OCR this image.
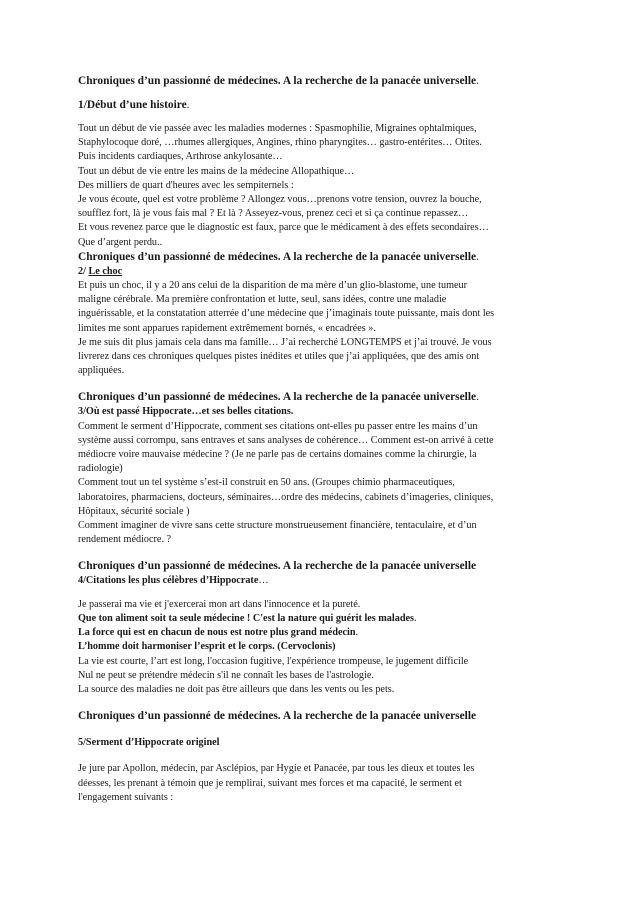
Chroniques d’un passionné de médecines. A la recherche de la panacée universelle.

1/Début d’une histoire.

Tout un début de vie passée avec les maladies modernes : Spasmophilie, Migraines ophtalmiques,

Staphylocoque doré, …rhumes allergiques, Angines, rhino pharyngites… gastro-entérites… Otites.

Puis incidents cardiaques, Arthrose ankylosante…

Tout un début de vie entre les mains de la médecine Allopathique…

Des milliers de quart d'heures avec les sempiternels :

Je vous écoute, quel est votre problème ? Allongez vous…prenons votre tension, ouvrez la bouche,

soufflez fort, là je vous fais mal ? Et là ? Asseyez-vous, prenez ceci et si ça continue repassez…

Et vous revenez parce que le diagnostic est faux, parce que le médicament à des effets secondaires…

Que d’argent perdu..

Chroniques d’un passionné de médecines. A la recherche de la panacée universelle.

2/ Le choc

Et puis un choc, il y a 20 ans celui de la disparition de ma mère d’un glio-blastome, une tumeur

maligne cérébrale. Ma première confrontation et lutte, seul, sans idées, contre une maladie

inguérissable, et la constatation atterrée d’une médecine que j’imaginais toute puissante, mais dont les

limites me sont apparues rapidement extrêmement bornés, « encadrées ».

Je me suis dit plus jamais cela dans ma famille… J’ai recherché LONGTEMPS et j’ai trouvé. Je vous

livrerez dans ces chroniques quelques pistes inédites et utiles que j’ai appliquées, que des amis ont

appliquées.

Chroniques d’un passionné de médecines. A la recherche de la panacée universelle.

3/Où est passé Hippocrate…et ses belles citations.

Comment le serment d’Hippocrate, comment ses citations ont-elles pu passer entre les mains d’un

système aussi corrompu, sans entraves et sans analyses de cohérence… Comment est-on arrivé à cette

médiocre voire mauvaise médecine ? (Je ne parle pas de certains domaines comme la chirurgie, la

radiologie)

Comment tout un tel système s’est-il construit en 50 ans. (Groupes chimio pharmaceutiques,

laboratoires, pharmaciens, docteurs, séminaires…ordre des médecins, cabinets d’imageries, cliniques,

Hôpitaux, sécurité sociale )

Comment imaginer de vivre sans cette structure monstrueusement financière, tentaculaire, et d’un

rendement médiocre. ?

Chroniques d’un passionné de médecines. A la recherche de la panacée universelle

4/Citations les plus célèbres d’Hippocrate…

Je passerai ma vie et j'exercerai mon art dans l'innocence et la pureté.

Que ton aliment soit ta seule médecine ! C'est la nature qui guérit les malades.

La force qui est en chacun de nous est notre plus grand médecin.

L’homme doit harmoniser l’esprit et le corps. (Cervoclonis)

La vie est courte, l’art est long, l'occasion fugitive, l'expérience trompeuse, le jugement difficile

Nul ne peut se prétendre médecin s'il ne connaît les bases de l'astrologie.

La source des maladies ne doit pas être ailleurs que dans les vents ou les pets.

Chroniques d’un passionné de médecines. A la recherche de la panacée universelle

5/Serment d’Hippocrate originel

Je jure par Apollon, médecin, par Asclépios, par Hygie et Panacée, par tous les dieux et toutes les

déesses, les prenant à témoin que je remplirai, suivant mes forces et ma capacité, le serment et

l'engagement suivants :
